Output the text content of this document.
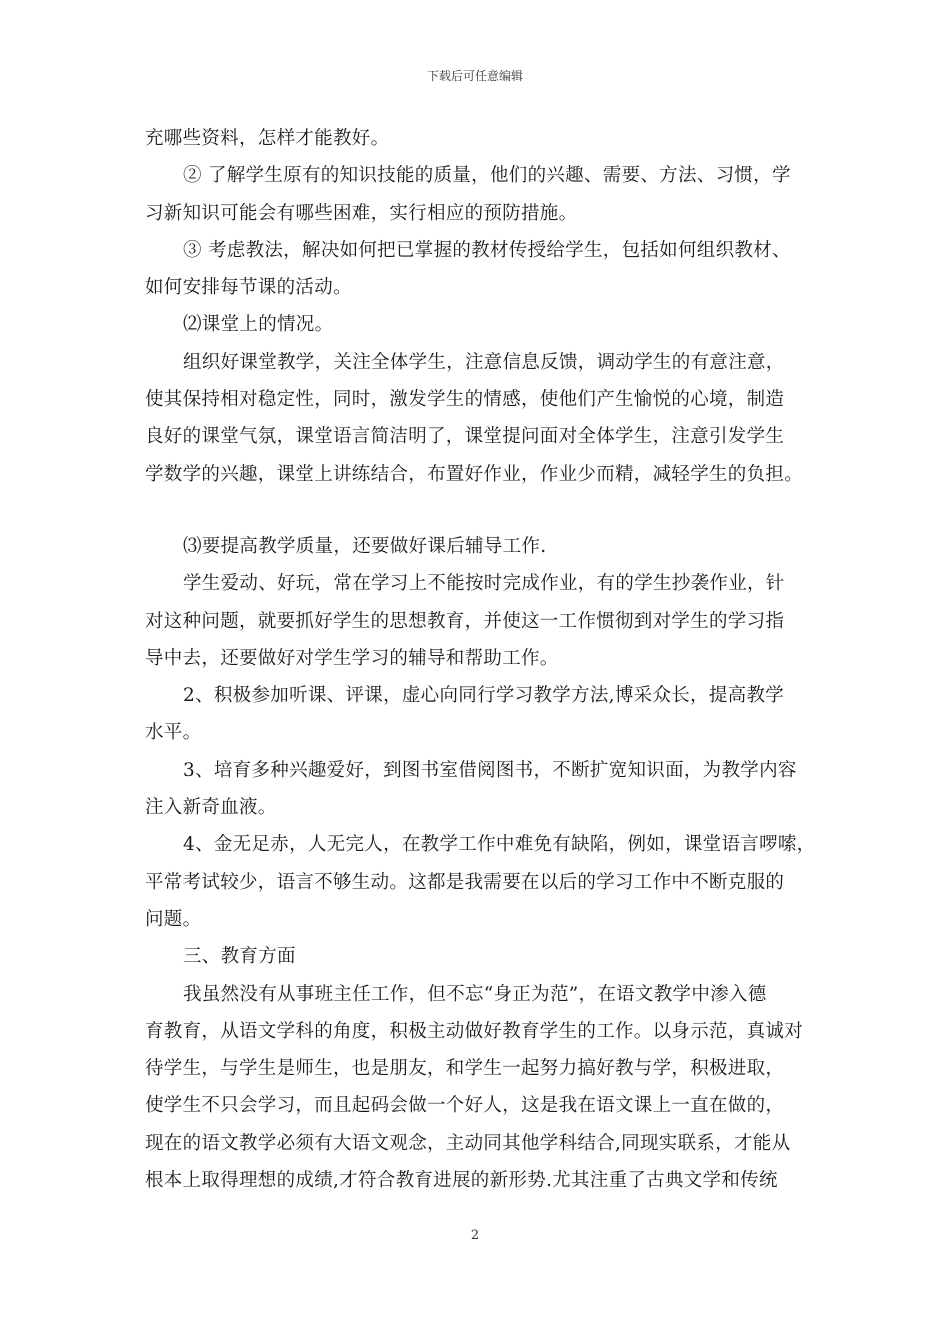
下载后可任意编辑
充哪些资料，怎样才能教好。
② 了解学生原有的知识技能的质量，他们的兴趣、需要、方法、习惯，学
习新知识可能会有哪些困难，实行相应的预防措施。
③ 考虑教法，解决如何把已掌握的教材传授给学生，包括如何组织教材、
如何安排每节课的活动。
⑵课堂上的情况。
组织好课堂教学，关注全体学生，注意信息反馈，调动学生的有意注意，
使其保持相对稳定性，同时，激发学生的情感，使他们产生愉悦的心境，制造
良好的课堂气氛，课堂语言简洁明了，课堂提问面对全体学生，注意引发学生
学数学的兴趣，课堂上讲练结合，布置好作业，作业少而精，减轻学生的负担。
⑶要提高教学质量，还要做好课后辅导工作.
学生爱动、好玩，常在学习上不能按时完成作业，有的学生抄袭作业，针
对这种问题，就要抓好学生的思想教育，并使这一工作惯彻到对学生的学习指
导中去，还要做好对学生学习的辅导和帮助工作。
2、积极参加听课、评课，虚心向同行学习教学方法,博采众长，提高教学
水平。
3、培育多种兴趣爱好，到图书室借阅图书，不断扩宽知识面，为教学内容
注入新奇血液。
4、金无足赤，人无完人，在教学工作中难免有缺陷，例如，课堂语言啰嗦，
平常考试较少，语言不够生动。这都是我需要在以后的学习工作中不断克服的
问题。
三、教育方面
我虽然没有从事班主任工作，但不忘“身正为范”，在语文教学中渗入德
育教育，从语文学科的角度，积极主动做好教育学生的工作。以身示范，真诚对
待学生，与学生是师生，也是朋友，和学生一起努力搞好教与学，积极进取，
使学生不只会学习，而且起码会做一个好人，这是我在语文课上一直在做的，
现在的语文教学必须有大语文观念，主动同其他学科结合,同现实联系，才能从
根本上取得理想的成绩,才符合教育进展的新形势.尤其注重了古典文学和传统
2
